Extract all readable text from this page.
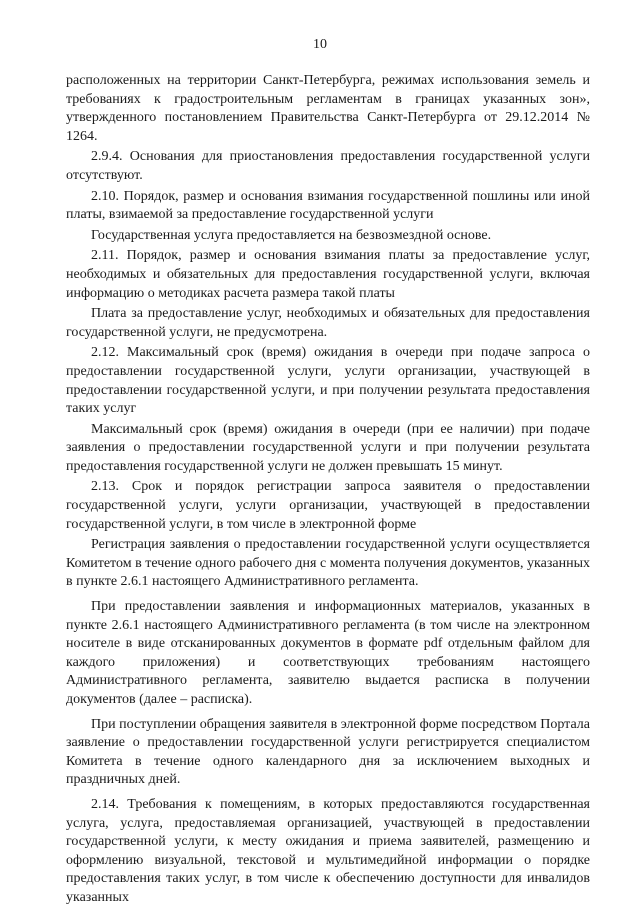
10

расположенных на территории Санкт-Петербурга, режимах использования земель и требованиях к градостроительным регламентам в границах указанных зон», утвержденного постановлением Правительства Санкт-Петербурга от 29.12.2014 № 1264.

2.9.4. Основания для приостановления предоставления государственной услуги отсутствуют.

2.10. Порядок, размер и основания взимания государственной пошлины или иной платы, взимаемой за предоставление государственной услуги

Государственная услуга предоставляется на безвозмездной основе.

2.11. Порядок, размер и основания взимания платы за предоставление услуг, необходимых и обязательных для предоставления государственной услуги, включая информацию о методиках расчета размера такой платы

Плата за предоставление услуг, необходимых и обязательных для предоставления государственной услуги, не предусмотрена.

2.12. Максимальный срок (время) ожидания в очереди при подаче запроса о предоставлении государственной услуги, услуги организации, участвующей в предоставлении государственной услуги, и при получении результата предоставления таких услуг

Максимальный срок (время) ожидания в очереди (при ее наличии) при подаче заявления о предоставлении государственной услуги и при получении результата предоставления государственной услуги не должен превышать 15 минут.

2.13. Срок и порядок регистрации запроса заявителя о предоставлении государственной услуги, услуги организации, участвующей в предоставлении государственной услуги, в том числе в электронной форме

Регистрация заявления о предоставлении государственной услуги осуществляется Комитетом в течение одного рабочего дня с момента получения документов, указанных в пункте 2.6.1 настоящего Административного регламента.

При предоставлении заявления и информационных материалов, указанных в пункте 2.6.1 настоящего Административного регламента (в том числе на электронном носителе в виде отсканированных документов в формате pdf отдельным файлом для каждого приложения) и соответствующих требованиям настоящего Административного регламента, заявителю выдается расписка в получении документов (далее – расписка).

При поступлении обращения заявителя в электронной форме посредством Портала заявление о предоставлении государственной услуги регистрируется специалистом Комитета в течение одного календарного дня за исключением выходных и праздничных дней.

2.14. Требования к помещениям, в которых предоставляются государственная услуга, услуга, предоставляемая организацией, участвующей в предоставлении государственной услуги, к месту ожидания и приема заявителей, размещению и оформлению визуальной, текстовой и мультимедийной информации о порядке предоставления таких услуг, в том числе к обеспечению доступности для инвалидов указанных
